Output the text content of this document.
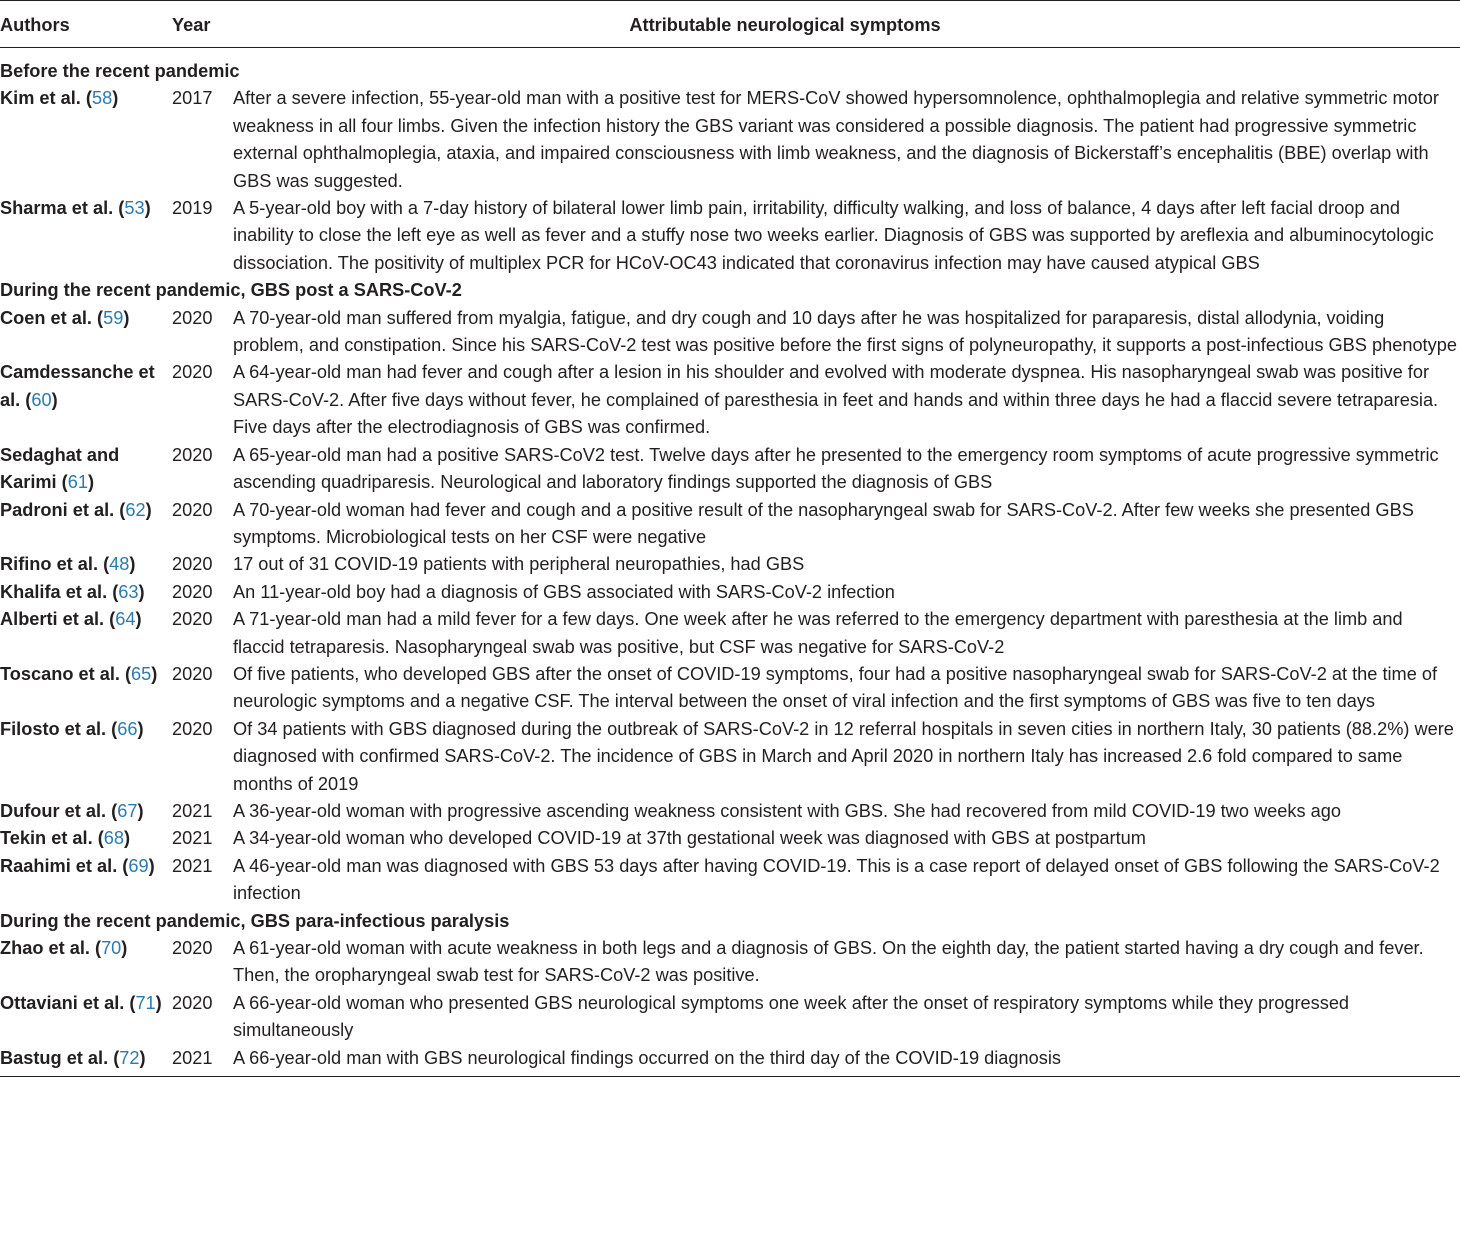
Authors	Year	Attributable neurological symptoms
Before the recent pandemic		
Kim et al. (58)	2017	After a severe infection, 55-year-old man with a positive test for MERS-CoV showed hypersomnolence, ophthalmoplegia and relative symmetric motor weakness in all four limbs. Given the infection history the GBS variant was considered a possible diagnosis. The patient had progressive symmetric external ophthalmoplegia, ataxia, and impaired consciousness with limb weakness, and the diagnosis of Bickerstaff’s encephalitis (BBE) overlap with GBS was suggested.
Sharma et al. (53)	2019	A 5-year-old boy with a 7-day history of bilateral lower limb pain, irritability, difficulty walking, and loss of balance, 4 days after left facial droop and inability to close the left eye as well as fever and a stuffy nose two weeks earlier. Diagnosis of GBS was supported by areflexia and albuminocytologic dissociation. The positivity of multiplex PCR for HCoV-OC43 indicated that coronavirus infection may have caused atypical GBS
During the recent pandemic, GBS post a SARS-CoV-2		
Coen et al. (59)	2020	A 70-year-old man suffered from myalgia, fatigue, and dry cough and 10 days after he was hospitalized for paraparesis, distal allodynia, voiding problem, and constipation. Since his SARS-CoV-2 test was positive before the first signs of polyneuropathy, it supports a post-infectious GBS phenotype
Camdessanche et al. (60)	2020	A 64-year-old man had fever and cough after a lesion in his shoulder and evolved with moderate dyspnea. His nasopharyngeal swab was positive for SARS-CoV-2. After five days without fever, he complained of paresthesia in feet and hands and within three days he had a flaccid severe tetraparesia. Five days after the electrodiagnosis of GBS was confirmed.
Sedaghat and Karimi (61)	2020	A 65-year-old man had a positive SARS-CoV2 test. Twelve days after he presented to the emergency room symptoms of acute progressive symmetric ascending quadriparesis. Neurological and laboratory findings supported the diagnosis of GBS
Padroni et al. (62)	2020	A 70-year-old woman had fever and cough and a positive result of the nasopharyngeal swab for SARS-CoV-2. After few weeks she presented GBS symptoms. Microbiological tests on her CSF were negative
Rifino et al. (48)	2020	17 out of 31 COVID-19 patients with peripheral neuropathies, had GBS
Khalifa et al. (63)	2020	An 11-year-old boy had a diagnosis of GBS associated with SARS-CoV-2 infection
Alberti et al. (64)	2020	A 71-year-old man had a mild fever for a few days. One week after he was referred to the emergency department with paresthesia at the limb and flaccid tetraparesis. Nasopharyngeal swab was positive, but CSF was negative for SARS-CoV-2
Toscano et al. (65)	2020	Of five patients, who developed GBS after the onset of COVID-19 symptoms, four had a positive nasopharyngeal swab for SARS-CoV-2 at the time of neurologic symptoms and a negative CSF. The interval between the onset of viral infection and the first symptoms of GBS was five to ten days
Filosto et al. (66)	2020	Of 34 patients with GBS diagnosed during the outbreak of SARS-CoV-2 in 12 referral hospitals in seven cities in northern Italy, 30 patients (88.2%) were diagnosed with confirmed SARS-CoV-2. The incidence of GBS in March and April 2020 in northern Italy has increased 2.6 fold compared to same months of 2019
Dufour et al. (67)	2021	A 36-year-old woman with progressive ascending weakness consistent with GBS. She had recovered from mild COVID-19 two weeks ago
Tekin et al. (68)	2021	A 34-year-old woman who developed COVID-19 at 37th gestational week was diagnosed with GBS at postpartum
Raahimi et al. (69)	2021	A 46-year-old man was diagnosed with GBS 53 days after having COVID-19. This is a case report of delayed onset of GBS following the SARS-CoV-2 infection
During the recent pandemic, GBS para-infectious paralysis		
Zhao et al. (70)	2020	A 61-year-old woman with acute weakness in both legs and a diagnosis of GBS. On the eighth day, the patient started having a dry cough and fever. Then, the oropharyngeal swab test for SARS-CoV-2 was positive.
Ottaviani et al. (71)	2020	A 66-year-old woman who presented GBS neurological symptoms one week after the onset of respiratory symptoms while they progressed simultaneously
Bastug et al. (72)	2021	A 66-year-old man with GBS neurological findings occurred on the third day of the COVID-19 diagnosis
